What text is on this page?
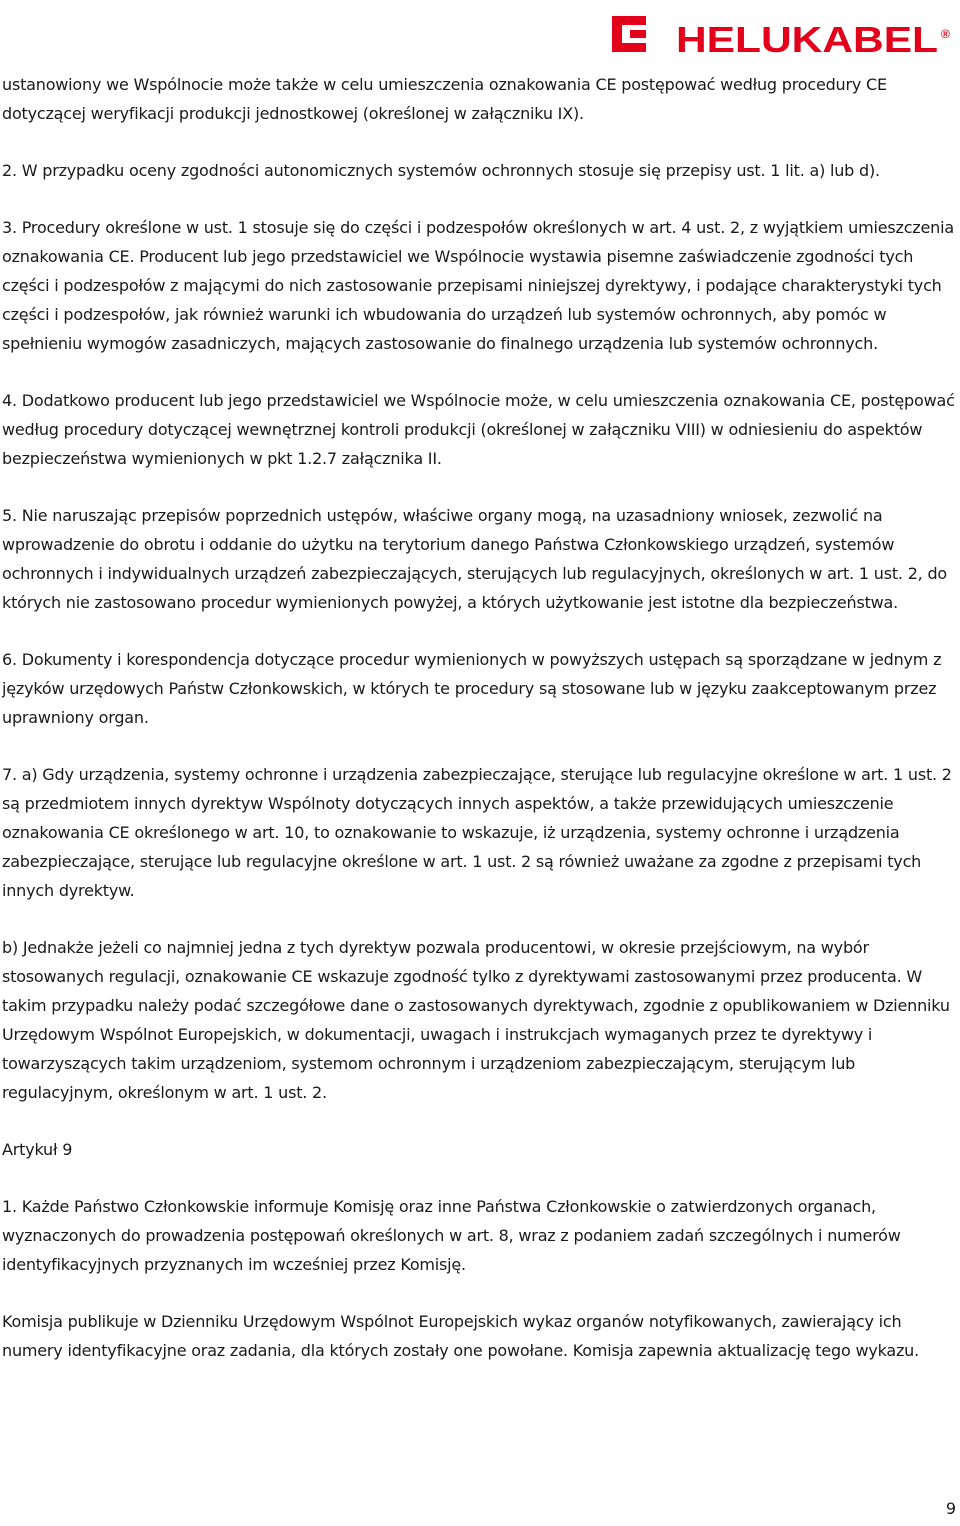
HELUKABEL ®

ustanowiony we Wspólnocie może także w celu umieszczenia oznakowania CE postępować według procedury CE dotyczącej weryfikacji produkcji jednostkowej (określonej w załączniku IX).

2. W przypadku oceny zgodności autonomicznych systemów ochronnych stosuje się przepisy ust. 1 lit. a) lub d).

3. Procedury określone w ust. 1 stosuje się do części i podzespołów określonych w art. 4 ust. 2, z wyjątkiem umieszczenia oznakowania CE. Producent lub jego przedstawiciel we Wspólnocie wystawia pisemne zaświadczenie zgodności tych części i podzespołów z mającymi do nich zastosowanie przepisami niniejszej dyrektywy, i podające charakterystyki tych części i podzespołów, jak również warunki ich wbudowania do urządzeń lub systemów ochronnych, aby pomóc w spełnieniu wymogów zasadniczych, mających zastosowanie do finalnego urządzenia lub systemów ochronnych.

4. Dodatkowo producent lub jego przedstawiciel we Wspólnocie może, w celu umieszczenia oznakowania CE, postępować według procedury dotyczącej wewnętrznej kontroli produkcji (określonej w załączniku VIII) w odniesieniu do aspektów bezpieczeństwa wymienionych w pkt 1.2.7 załącznika II.

5. Nie naruszając przepisów poprzednich ustępów, właściwe organy mogą, na uzasadniony wniosek, zezwolić na wprowadzenie do obrotu i oddanie do użytku na terytorium danego Państwa Członkowskiego urządzeń, systemów ochronnych i indywidualnych urządzeń zabezpieczających, sterujących lub regulacyjnych, określonych w art. 1 ust. 2, do których nie zastosowano procedur wymienionych powyżej, a których użytkowanie jest istotne dla bezpieczeństwa.

6. Dokumenty i korespondencja dotyczące procedur wymienionych w powyższych ustępach są sporządzane w jednym z języków urzędowych Państw Członkowskich, w których te procedury są stosowane lub w języku zaakceptowanym przez uprawniony organ.

7. a) Gdy urządzenia, systemy ochronne i urządzenia zabezpieczające, sterujące lub regulacyjne określone w art. 1 ust. 2 są przedmiotem innych dyrektyw Wspólnoty dotyczących innych aspektów, a także przewidujących umieszczenie oznakowania CE określonego w art. 10, to oznakowanie to wskazuje, iż urządzenia, systemy ochronne i urządzenia zabezpieczające, sterujące lub regulacyjne określone w art. 1 ust. 2 są również uważane za zgodne z przepisami tych innych dyrektyw.

b) Jednakże jeżeli co najmniej jedna z tych dyrektyw pozwala producentowi, w okresie przejściowym, na wybór stosowanych regulacji, oznakowanie CE wskazuje zgodność tylko z dyrektywami zastosowanymi przez producenta. W takim przypadku należy podać szczegółowe dane o zastosowanych dyrektywach, zgodnie z opublikowaniem w Dzienniku Urzędowym Wspólnot Europejskich, w dokumentacji, uwagach i instrukcjach wymaganych przez te dyrektywy i towarzyszących takim urządzeniom, systemom ochronnym i urządzeniom zabezpieczającym, sterującym lub regulacyjnym, określonym w art. 1 ust. 2.

Artykuł 9

1. Każde Państwo Członkowskie informuje Komisję oraz inne Państwa Członkowskie o zatwierdzonych organach, wyznaczonych do prowadzenia postępowań określonych w art. 8, wraz z podaniem zadań szczególnych i numerów identyfikacyjnych przyznanych im wcześniej przez Komisję.

Komisja publikuje w Dzienniku Urzędowym Wspólnot Europejskich wykaz organów notyfikowanych, zawierający ich numery identyfikacyjne oraz zadania, dla których zostały one powołane. Komisja zapewnia aktualizację tego wykazu.

9
